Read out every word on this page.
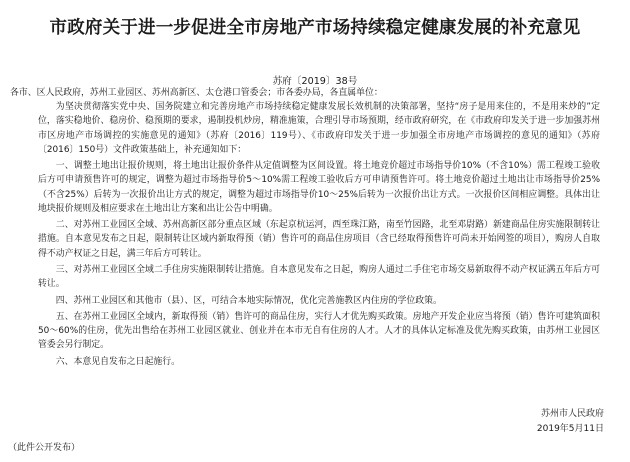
市政府关于进一步促进全市房地产市场持续稳定健康发展的补充意见
苏府〔2019〕38号

各市、区人民政府，苏州工业园区、苏州高新区、太仓港口管委会；市各委办局，各直属单位：

为坚决贯彻落实党中央、国务院建立和完善房地产市场持续稳定健康发展长效机制的决策部署，坚持“房子是用来住的，不是用来炒的”定位，落实稳地价、稳房价、稳预期的要求，遏制投机炒房，精准施策，合理引导市场预期，经市政府研究，在《市政府印发关于进一步加强苏州市区房地产市场调控的实施意见的通知》（苏府〔2016〕119号）、《市政府印发关于进一步加强全市房地产市场调控的意见的通知》（苏府〔2016〕150号）文件政策基础上，补充通知如下：

一、调整土地出让报价规则，将土地出让报价条件从定值调整为区间设置。将土地竞价超过市场指导价10%（不含10%）需工程竣工验收后方可申请预售许可的规定，调整为超过市场指导价5～10%需工程竣工验收后方可申请预售许可。将土地竞价超过土地出让市场指导价25%（不含25%）后转为一次报价出让方式的规定，调整为超过市场指导价10～25%后转为一次报价出让方式。一次报价区间相应调整。具体出让地块报价规则及相应要求在土地出让方案和出让公告中明确。

二、对苏州工业园区全域、苏州高新区部分重点区域（东起京杭运河，西至珠江路，南至竹园路，北至邓尉路）新建商品住房实施限制转让措施。自本意见发布之日起，限制转让区域内新取得预（销）售许可的商品住房项目（含已经取得预售许可尚未开始网签的项目），购房人自取得不动产权证之日起，满三年后方可转让。

三、对苏州工业园区全域二手住房实施限制转让措施。自本意见发布之日起，购房人通过二手住宅市场交易新取得不动产权证满五年后方可转让。

四、苏州工业园区和其他市（县）、区，可结合本地实际情况，优化完善施教区内住房的学位政策。

五、在苏州工业园区全域内，新取得预（销）售许可的商品住房，实行人才优先购买政策。房地产开发企业应当将预（销）售许可建筑面积50～60%的住房，优先出售给在苏州工业园区就业、创业并在本市无自有住房的人才。人才的具体认定标准及优先购买政策，由苏州工业园区管委会另行制定。

六、本意见自发布之日起施行。

苏州市人民政府
2019年5月11日
（此件公开发布）
